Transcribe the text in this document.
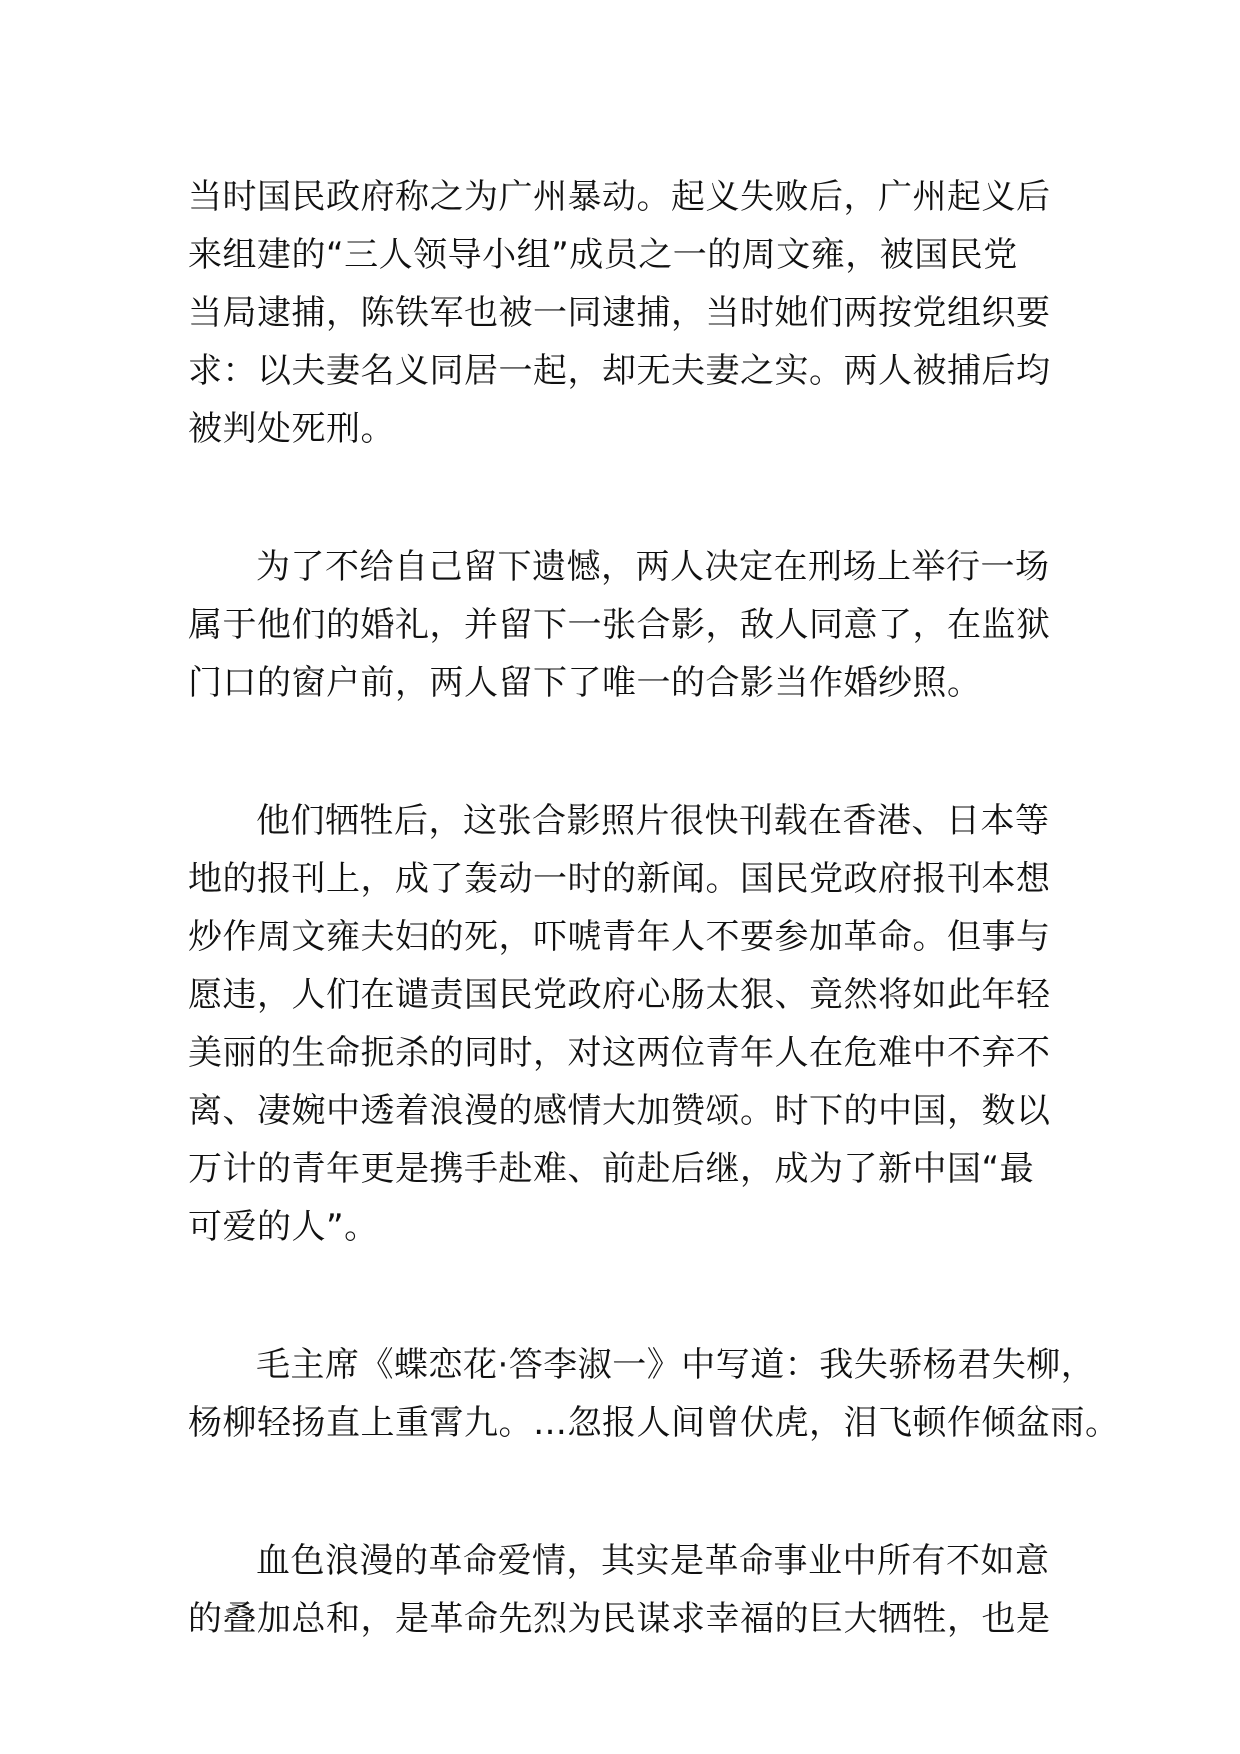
当时国民政府称之为广州暴动。起义失败后，广州起义后
来组建的“三人领导小组”成员之一的周文雍，被国民党
当局逮捕，陈铁军也被一同逮捕，当时她们两按党组织要
求：以夫妻名义同居一起，却无夫妻之实。两人被捕后均
被判处死刑。
为了不给自己留下遗憾，两人决定在刑场上举行一场
属于他们的婚礼，并留下一张合影，敌人同意了，在监狱
门口的窗户前，两人留下了唯一的合影当作婚纱照。
他们牺牲后，这张合影照片很快刊载在香港、日本等
地的报刊上，成了轰动一时的新闻。国民党政府报刊本想
炒作周文雍夫妇的死，吓唬青年人不要参加革命。但事与
愿违，人们在谴责国民党政府心肠太狠、竟然将如此年轻
美丽的生命扼杀的同时，对这两位青年人在危难中不弃不
离、凄婉中透着浪漫的感情大加赞颂。时下的中国，数以
万计的青年更是携手赴难、前赴后继，成为了新中国“最
可爱的人”。
毛主席《蝶恋花·答李淑一》中写道：我失骄杨君失柳，
杨柳轻扬直上重霄九。…忽报人间曾伏虎，泪飞顿作倾盆雨。
血色浪漫的革命爱情，其实是革命事业中所有不如意
的叠加总和，是革命先烈为民谋求幸福的巨大牺牲，也是
